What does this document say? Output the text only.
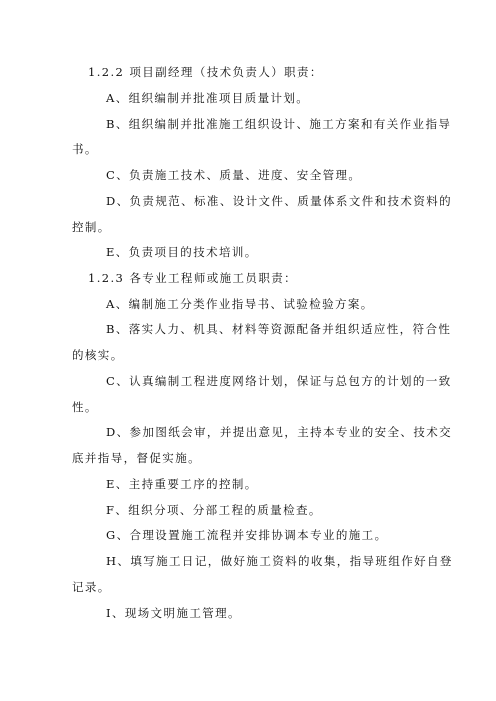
1.2.2 项目副经理（技术负责人）职责：
A、组织编制并批准项目质量计划。
B、组织编制并批准施工组织设计、施工方案和有关作业指导
书。
C、负责施工技术、质量、进度、安全管理。
D、负责规范、标准、设计文件、质量体系文件和技术资料的
控制。
E、负责项目的技术培训。
1.2.3 各专业工程师或施工员职责：
A、编制施工分类作业指导书、试验检验方案。
B、落实人力、机具、材料等资源配备并组织适应性，符合性
的核实。
C、认真编制工程进度网络计划，保证与总包方的计划的一致
性。
D、参加图纸会审，并提出意见，主持本专业的安全、技术交
底并指导，督促实施。
E、主持重要工序的控制。
F、组织分项、分部工程的质量检查。
G、合理设置施工流程并安排协调本专业的施工。
H、填写施工日记，做好施工资料的收集，指导班组作好自登
记录。
I、现场文明施工管理。
